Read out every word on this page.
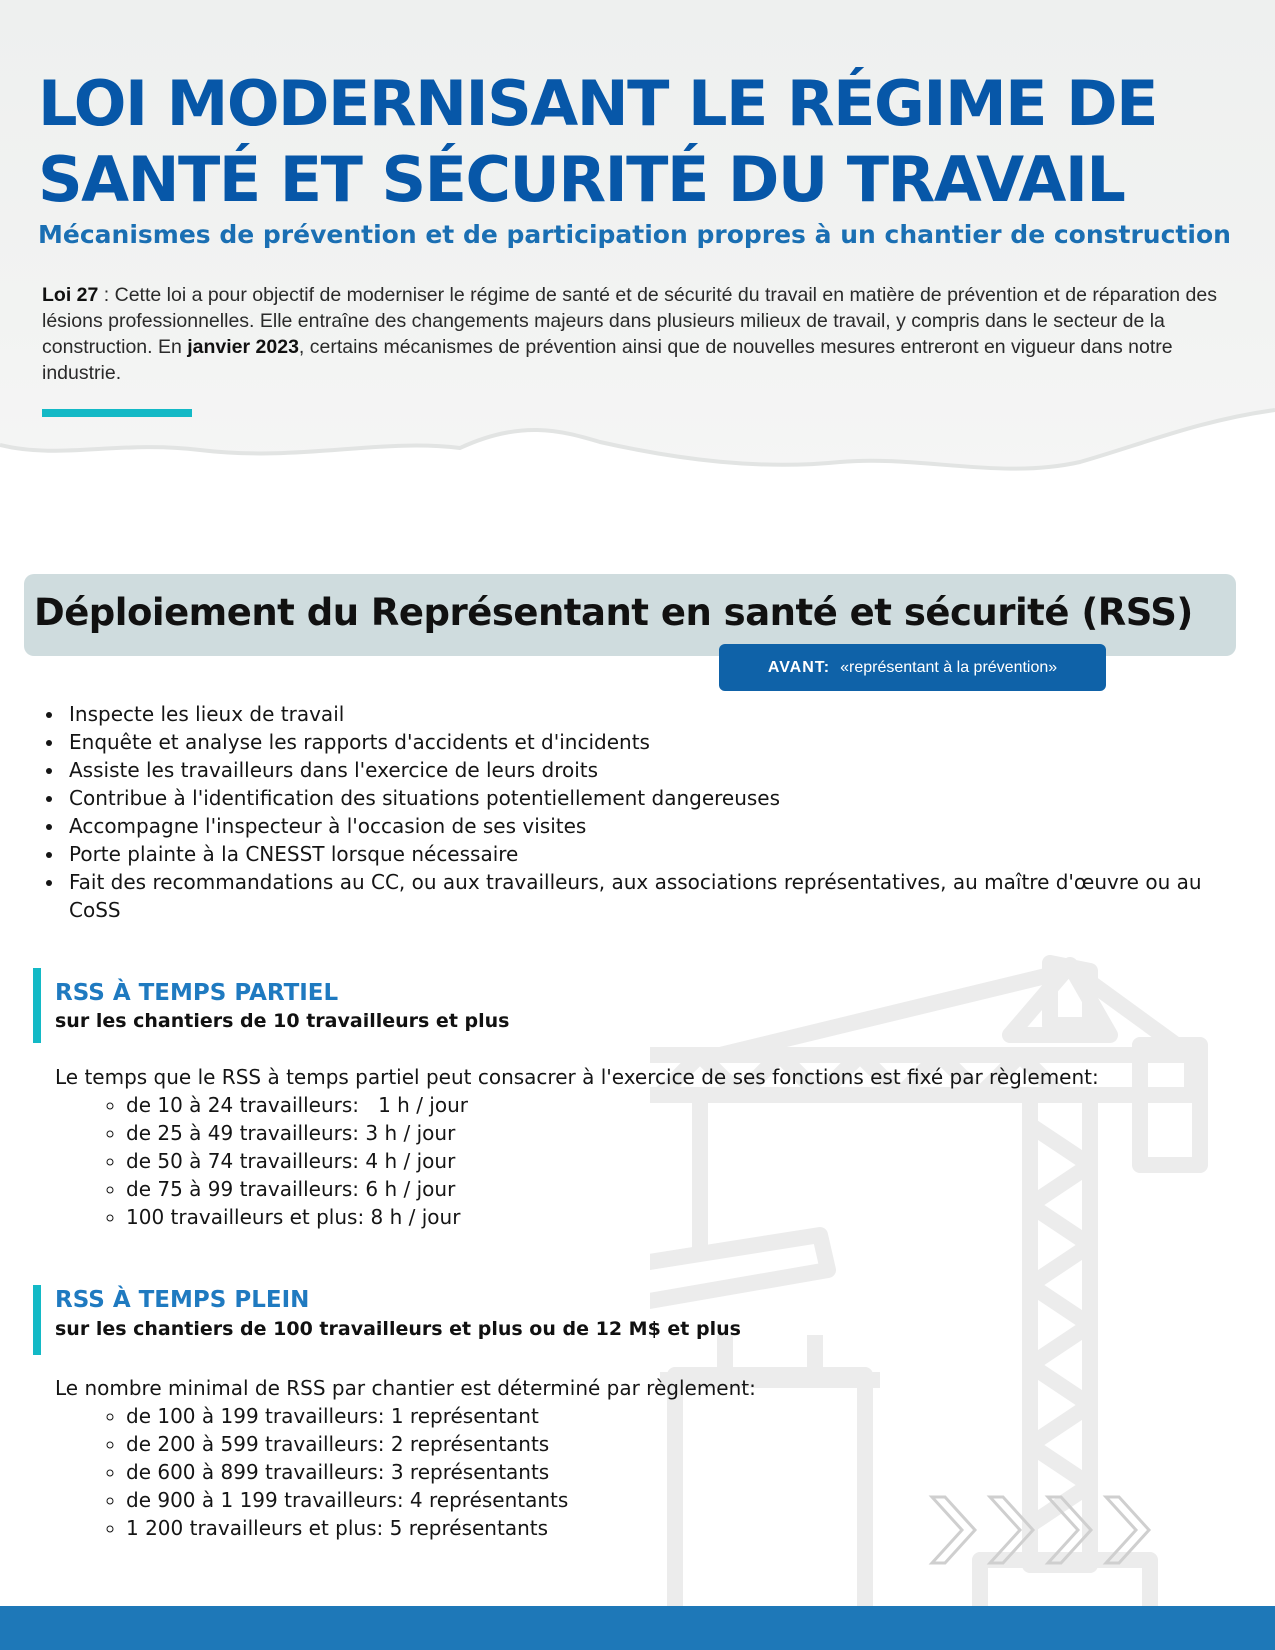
LOI MODERNISANT LE RÉGIME DE
SANTÉ ET SÉCURITÉ DU TRAVAIL

Mécanismes de prévention et de participation propres à un chantier de construction

Loi 27 : Cette loi a pour objectif de moderniser le régime de santé et de sécurité du travail en matière de prévention et de réparation des lésions professionnelles. Elle entraîne des changements majeurs dans plusieurs milieux de travail, y compris dans le secteur de la construction. En janvier 2023, certains mécanismes de prévention ainsi que de nouvelles mesures entreront en vigueur dans notre industrie.

Déploiement du Représentant en santé et sécurité (RSS)
AVANT: «représentant à la prévention»
• Inspecte les lieux de travail
• Enquête et analyse les rapports d'accidents et d'incidents
• Assiste les travailleurs dans l'exercice de leurs droits
• Contribue à l'identification des situations potentiellement dangereuses
• Accompagne l'inspecteur à l'occasion de ses visites
• Porte plainte à la CNESST lorsque nécessaire
• Fait des recommandations au CC, ou aux travailleurs, aux associations représentatives, au maître d'œuvre ou au CoSS
RSS À TEMPS PARTIEL
sur les chantiers de 10 travailleurs et plus

Le temps que le RSS à temps partiel peut consacrer à l'exercice de ses fonctions est fixé par règlement:

◦ de 10 à 24 travailleurs:   1 h / jour
◦ de 25 à 49 travailleurs: 3 h / jour
◦ de 50 à 74 travailleurs: 4 h / jour
◦ de 75 à 99 travailleurs: 6 h / jour
◦ 100 travailleurs et plus: 8 h / jour
RSS À TEMPS PLEIN
sur les chantiers de 100 travailleurs et plus ou de 12 M$ et plus

Le nombre minimal de RSS par chantier est déterminé par règlement:

◦ de 100 à 199 travailleurs: 1 représentant
◦ de 200 à 599 travailleurs: 2 représentants
◦ de 600 à 899 travailleurs: 3 représentants
◦ de 900 à 1 199 travailleurs: 4 représentants
◦ 1 200 travailleurs et plus: 5 représentants
